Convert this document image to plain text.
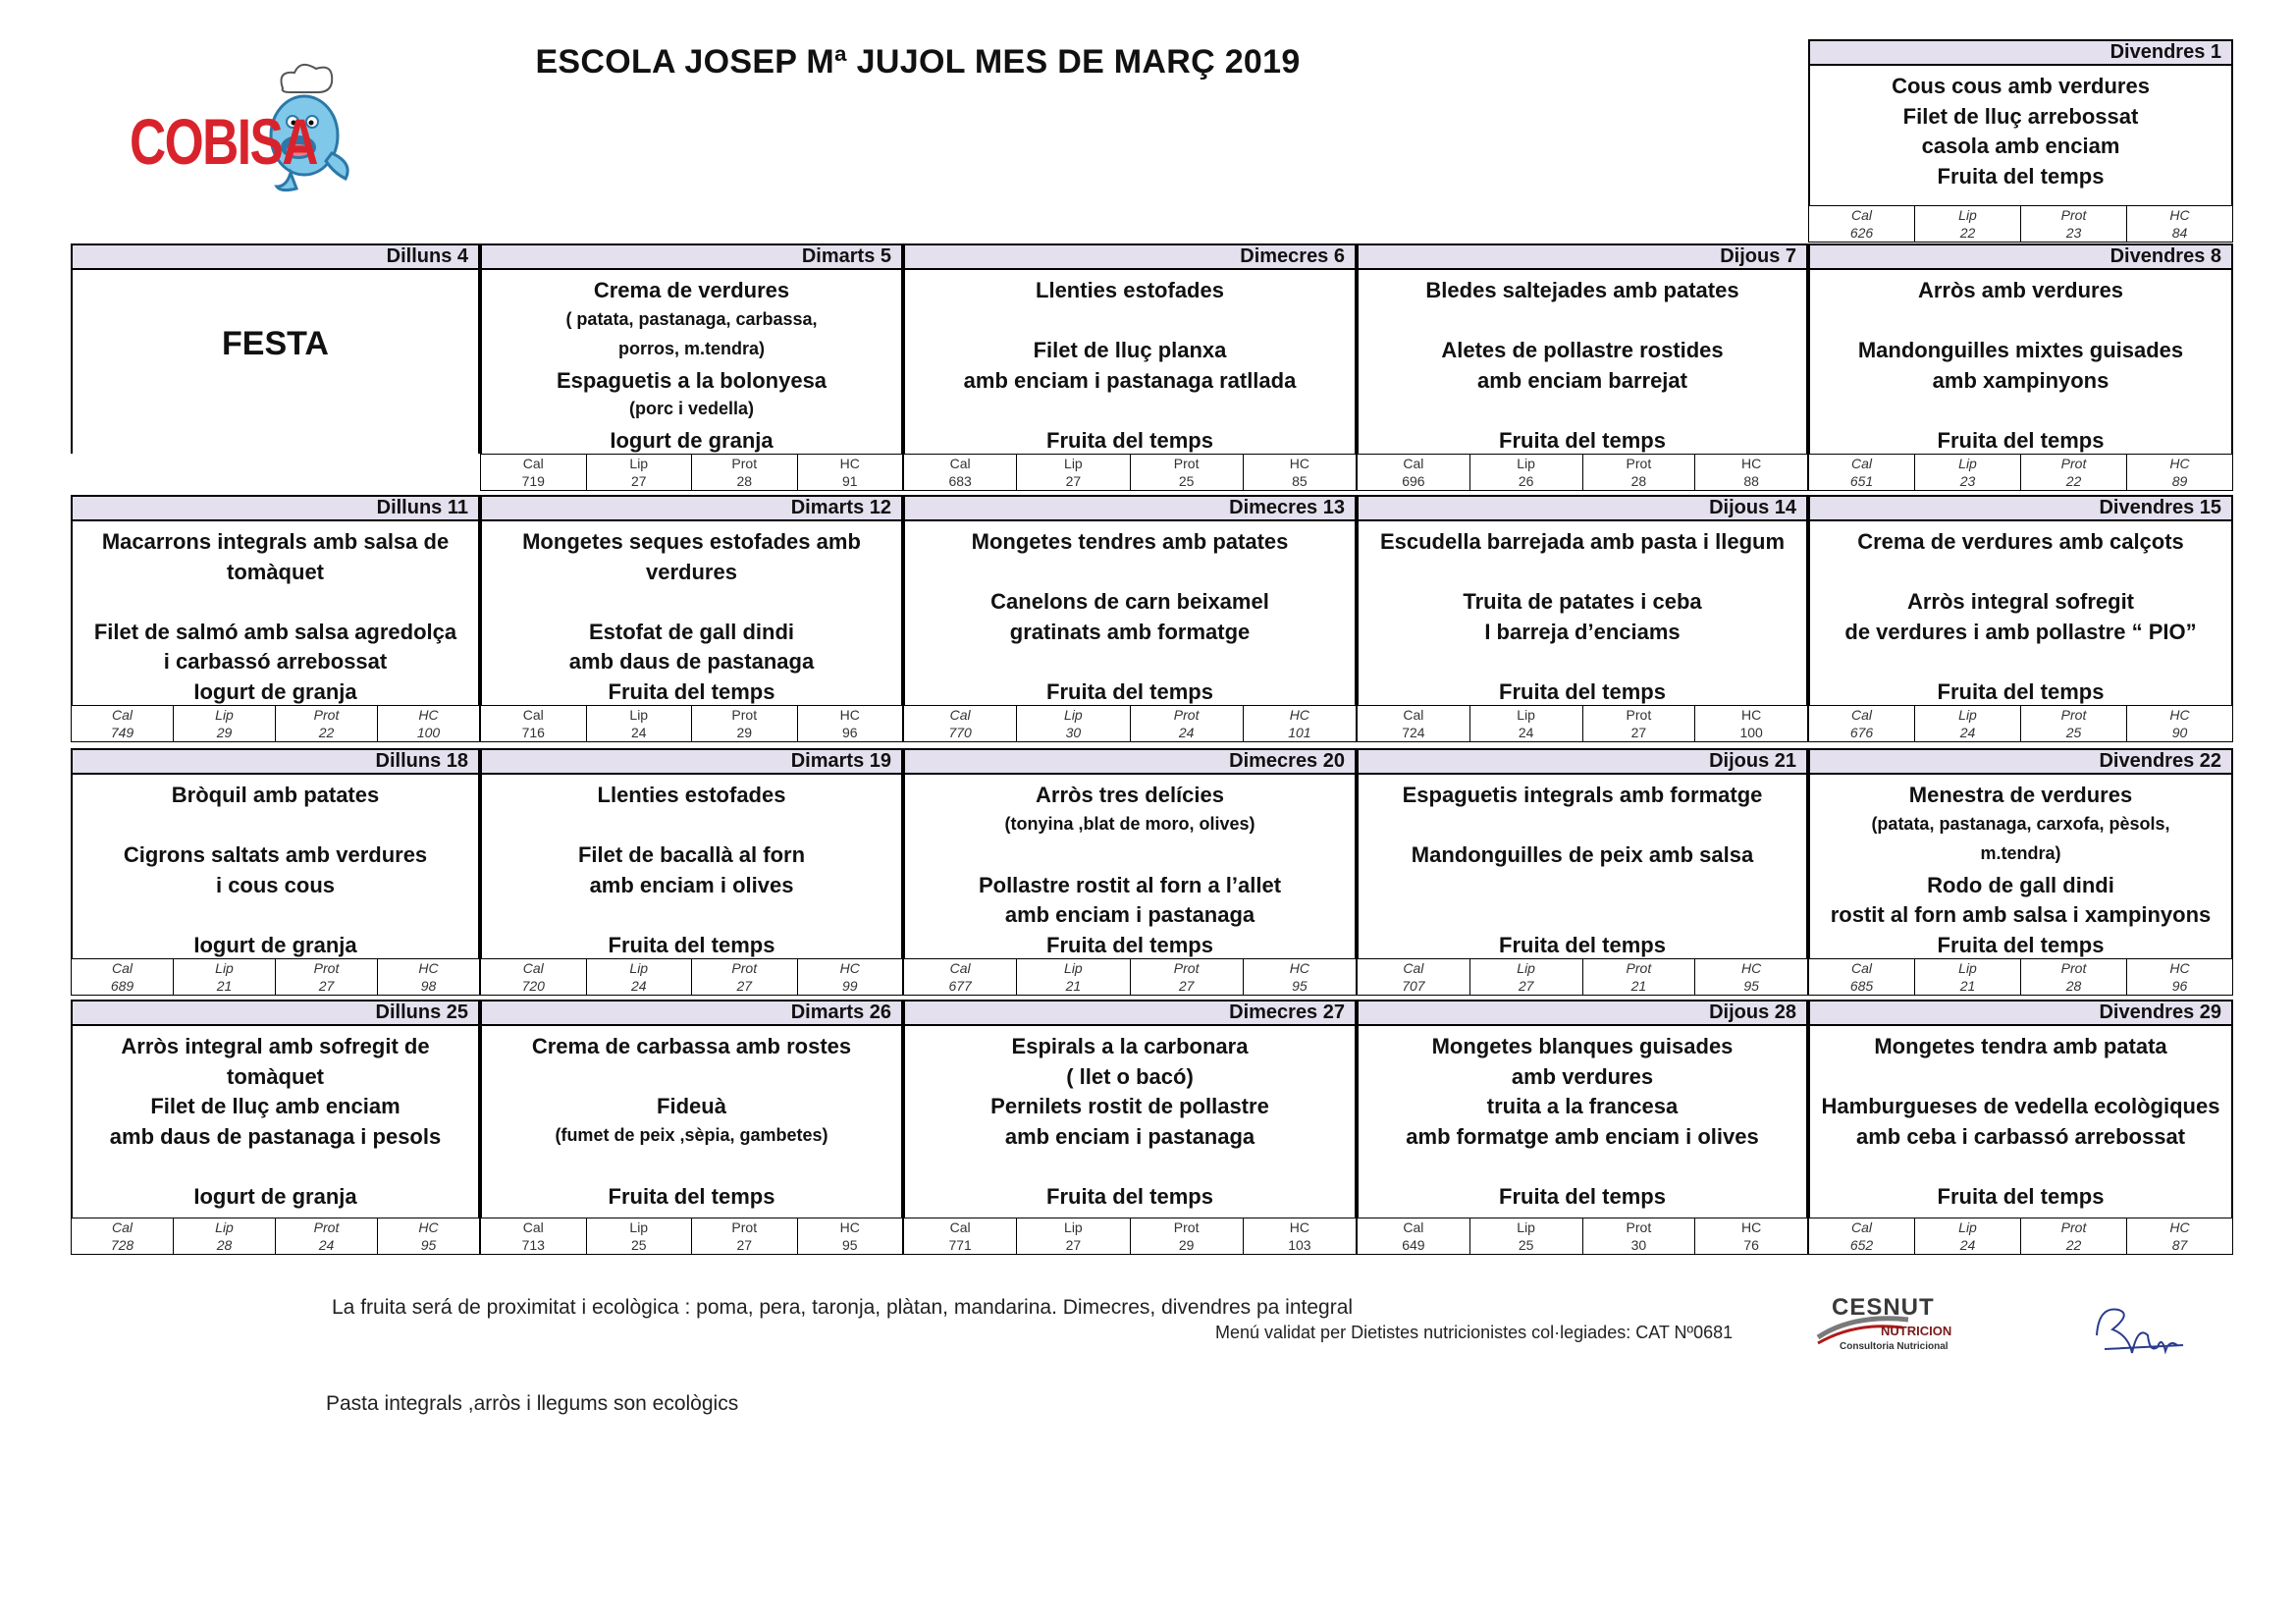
ESCOLA JOSEP Mª JUJOL MES DE MARÇ 2019
COBISA
Divendres 1
Cous cous amb verdures
Filet de lluç arrebossat
casola amb enciam
Fruita del temps
Cal
626
Lip
22
Prot
23
HC
84
Dilluns 4
FESTA
Dimarts 5
Crema de verdures
( patata, pastanaga, carbassa,
porros, m.tendra)
Espaguetis a la bolonyesa
(porc i vedella)
Iogurt de granja
Cal
719
Lip
27
Prot
28
HC
91
Dimecres 6
Llenties estofades
Filet de lluç planxa
amb enciam i pastanaga ratllada
Fruita del temps
Cal
683
Lip
27
Prot
25
HC
85
Dijous 7
Bledes saltejades amb patates
Aletes de pollastre rostides
amb enciam barrejat
Fruita del temps
Cal
696
Lip
26
Prot
28
HC
88
Divendres 8
Arròs amb verdures
Mandonguilles mixtes guisades
amb xampinyons
Fruita del temps
Cal
651
Lip
23
Prot
22
HC
89
Dilluns 11
Macarrons integrals amb salsa de
tomàquet
Filet de salmó amb salsa agredolça
i carbassó arrebossat
Iogurt de granja
Cal
749
Lip
29
Prot
22
HC
100
Dimarts 12
Mongetes seques estofades amb
verdures
Estofat de gall dindi
amb daus de pastanaga
Fruita del temps
Cal
716
Lip
24
Prot
29
HC
96
Dimecres 13
Mongetes tendres amb patates
Canelons de carn beixamel
gratinats amb formatge
Fruita del temps
Cal
770
Lip
30
Prot
24
HC
101
Dijous 14
Escudella barrejada amb pasta i llegum
Truita de patates i ceba
I barreja d’enciams
Fruita del temps
Cal
724
Lip
24
Prot
27
HC
100
Divendres 15
Crema de verdures amb calçots
Arròs integral sofregit
de verdures i amb pollastre “ PIO”
Fruita del temps
Cal
676
Lip
24
Prot
25
HC
90
Dilluns 18
Bròquil amb patates
Cigrons saltats amb verdures
i cous cous
Iogurt de granja
Cal
689
Lip
21
Prot
27
HC
98
Dimarts 19
Llenties estofades
Filet de bacallà al forn
amb enciam i olives
Fruita del temps
Cal
720
Lip
24
Prot
27
HC
99
Dimecres 20
Arròs tres delícies
(tonyina ,blat de moro, olives)
Pollastre rostit al forn a l’allet
amb enciam i pastanaga
Fruita del temps
Cal
677
Lip
21
Prot
27
HC
95
Dijous 21
Espaguetis integrals amb formatge
Mandonguilles de peix amb salsa
Fruita del temps
Cal
707
Lip
27
Prot
21
HC
95
Divendres 22
Menestra de verdures
(patata, pastanaga, carxofa, pèsols,
m.tendra)
Rodo de gall dindi
rostit al forn amb salsa i xampinyons
Fruita del temps
Cal
685
Lip
21
Prot
28
HC
96
Dilluns 25
Arròs integral amb sofregit de
tomàquet
Filet de lluç amb enciam
amb daus de pastanaga i pesols
Iogurt de granja
Cal
728
Lip
28
Prot
24
HC
95
Dimarts 26
Crema de carbassa amb rostes
Fideuà
(fumet de peix ,sèpia, gambetes)
Fruita del temps
Cal
713
Lip
25
Prot
27
HC
95
Dimecres 27
Espirals a la carbonara
( llet o bacó)
Pernilets rostit de pollastre
amb enciam i pastanaga
Fruita del temps
Cal
771
Lip
27
Prot
29
HC
103
Dijous 28
Mongetes blanques guisades
amb verdures
truita a la francesa
amb formatge amb enciam i olives
Fruita del temps
Cal
649
Lip
25
Prot
30
HC
76
Divendres 29
Mongetes tendra amb patata
Hamburgueses de vedella ecològiques
amb ceba i carbassó arrebossat
Fruita del temps
Cal
652
Lip
24
Prot
22
HC
87
La fruita será de proximitat i ecològica : poma, pera, taronja, plàtan, mandarina. Dimecres, divendres pa integral
Menú validat per Dietistes nutricionistes col·legiades: CAT Nº0681
Pasta integrals ,arròs i llegums son ecològics
CESNUT
NUTRICION
Consultoria Nutricional
